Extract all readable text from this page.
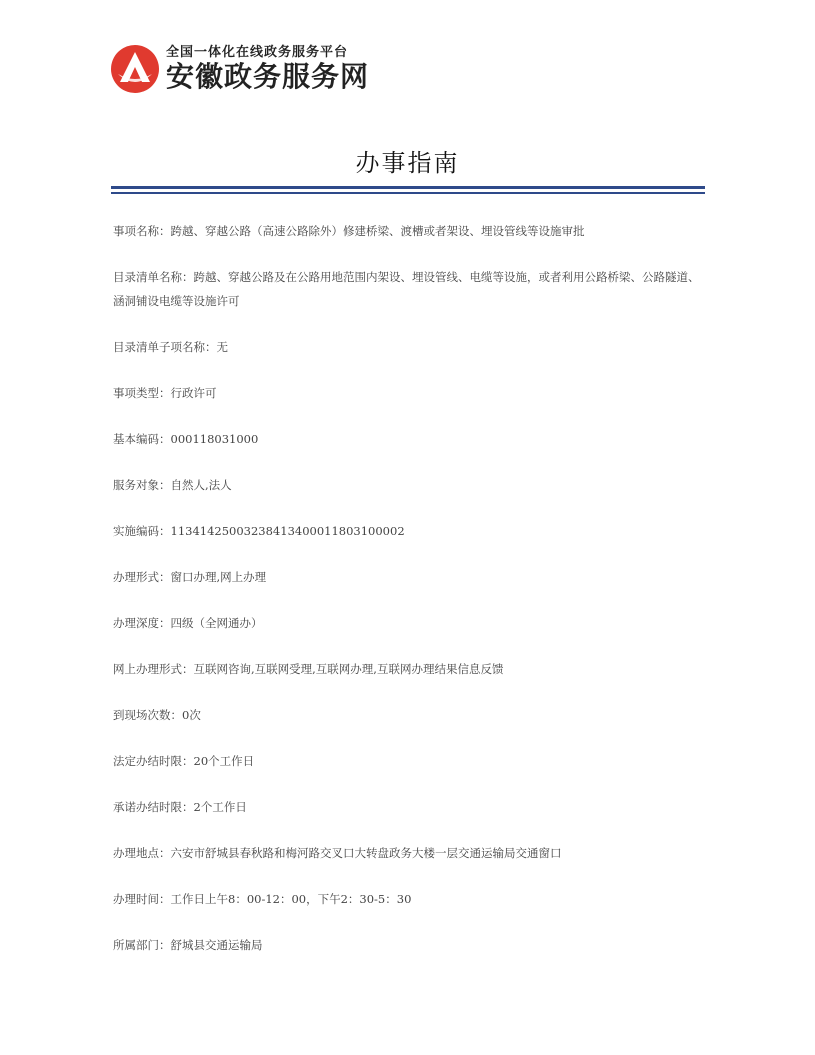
全国一体化在线政务服务平台
安徽政务服务网
办事指南
事项名称：跨越、穿越公路（高速公路除外）修建桥梁、渡槽或者架设、埋设管线等设施审批
目录清单名称：跨越、穿越公路及在公路用地范围内架设、埋设管线、电缆等设施，或者利用公路桥梁、公路隧道、涵洞铺设电缆等设施许可
目录清单子项名称：无
事项类型：行政许可
基本编码：000118031000
服务对象：自然人,法人
实施编码：11341425003238413400011803100002
办理形式：窗口办理,网上办理
办理深度：四级（全网通办）
网上办理形式：互联网咨询,互联网受理,互联网办理,互联网办理结果信息反馈
到现场次数：0次
法定办结时限：20个工作日
承诺办结时限：2个工作日
办理地点：六安市舒城县春秋路和梅河路交叉口大转盘政务大楼一层交通运输局交通窗口
办理时间：工作日上午8：00-12：00，下午2：30-5：30
所属部门：舒城县交通运输局
